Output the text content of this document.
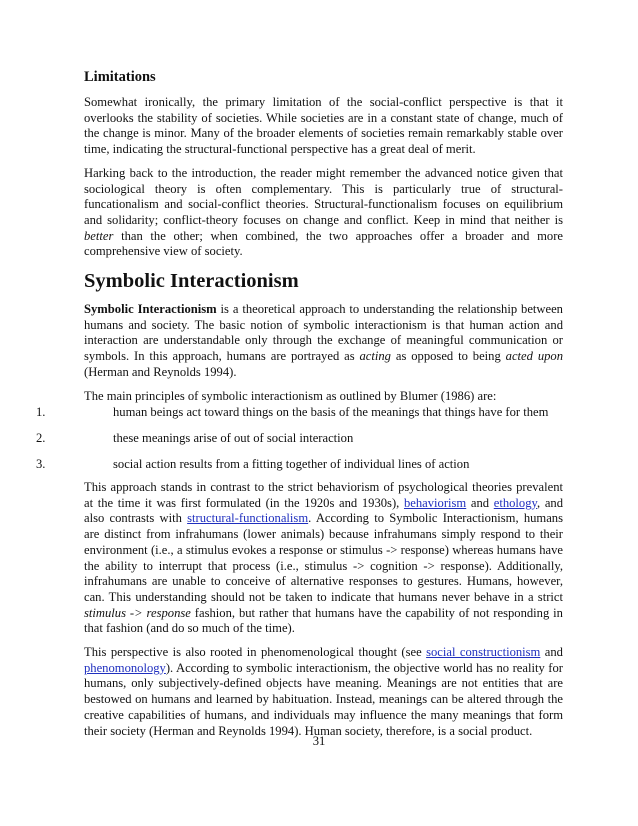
Limitations

Somewhat ironically, the primary limitation of the social-conflict perspective is that it overlooks the stability of societies. While societies are in a constant state of change, much of the change is minor. Many of the broader elements of societies remain remarkably stable over time, indicating the structural-functional perspective has a great deal of merit.

Harking back to the introduction, the reader might remember the advanced notice given that sociological theory is often complementary. This is particularly true of structural-funcationalism and social-conflict theories. Structural-functionalism focuses on equilibrium and solidarity; conflict-theory focuses on change and conflict. Keep in mind that neither is better than the other; when combined, the two approaches offer a broader and more comprehensive view of society.

Symbolic Interactionism

Symbolic Interactionism is a theoretical approach to understanding the relationship between humans and society. The basic notion of symbolic interactionism is that human action and interaction are understandable only through the exchange of meaningful communication or symbols. In this approach, humans are portrayed as acting as opposed to being acted upon (Herman and Reynolds 1994).

The main principles of symbolic interactionism as outlined by Blumer (1986) are:

1.	human beings act toward things on the basis of the meanings that things have for them
2.	these meanings arise of out of social interaction
3.	social action results from a fitting together of individual lines of action

This approach stands in contrast to the strict behaviorism of psychological theories prevalent at the time it was first formulated (in the 1920s and 1930s), behaviorism and ethology, and also contrasts with structural-functionalism. According to Symbolic Interactionism, humans are distinct from infrahumans (lower animals) because infrahumans simply respond to their environment (i.e., a stimulus evokes a response or stimulus -> response) whereas humans have the ability to interrupt that process (i.e., stimulus -> cognition -> response). Additionally, infrahumans are unable to conceive of alternative responses to gestures. Humans, however, can. This understanding should not be taken to indicate that humans never behave in a strict stimulus -> response fashion, but rather that humans have the capability of not responding in that fashion (and do so much of the time).

This perspective is also rooted in phenomenological thought (see social constructionism and phenomonology). According to symbolic interactionism, the objective world has no reality for humans, only subjectively-defined objects have meaning. Meanings are not entities that are bestowed on humans and learned by habituation. Instead, meanings can be altered through the creative capabilities of humans, and individuals may influence the many meanings that form their society (Herman and Reynolds 1994). Human society, therefore, is a social product.

31
